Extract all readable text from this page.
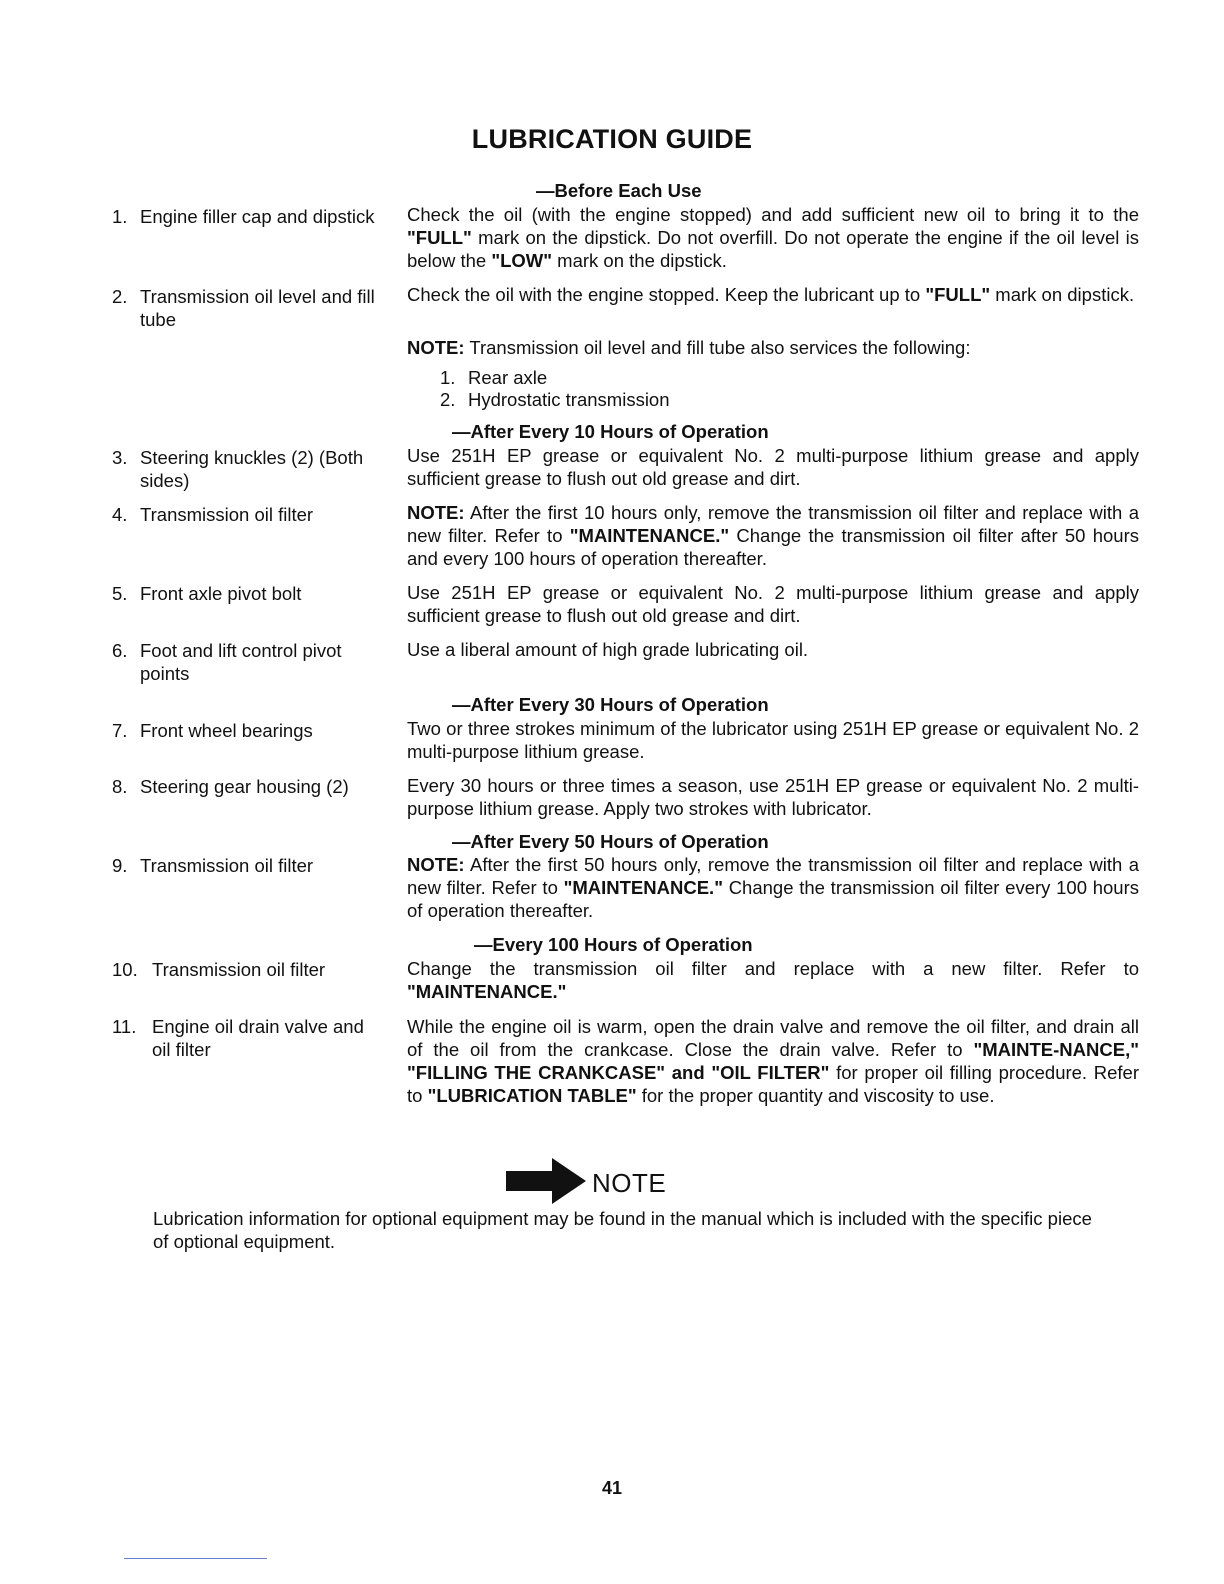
LUBRICATION GUIDE
—Before Each Use
—After Every 10 Hours of Operation
—After Every 30 Hours of Operation
—After Every 50 Hours of Operation
—Every 100 Hours of Operation
1. Engine filler cap and dipstick
2. Transmission oil level and fill tube
3. Steering knuckles (2) (Both sides)
4. Transmission oil filter
5. Front axle pivot bolt
6. Foot and lift control pivot points
7. Front wheel bearings
8. Steering gear housing (2)
9. Transmission oil filter
10. Transmission oil filter
11. Engine oil drain valve and oil filter
Check the oil (with the engine stopped) and add sufficient new oil to bring it to the "FULL" mark on the dipstick. Do not overfill. Do not operate the engine if the oil level is below the "LOW" mark on the dipstick.
Check the oil with the engine stopped. Keep the lubricant up to "FULL" mark on dipstick.
NOTE: Transmission oil level and fill tube also services the following:
1. Rear axle
2. Hydrostatic transmission
Use 251H EP grease or equivalent No. 2 multi-purpose lithium grease and apply sufficient grease to flush out old grease and dirt.
NOTE: After the first 10 hours only, remove the transmission oil filter and replace with a new filter. Refer to "MAINTENANCE." Change the transmission oil filter after 50 hours and every 100 hours of operation thereafter.
Use 251H EP grease or equivalent No. 2 multi-purpose lithium grease and apply sufficient grease to flush out old grease and dirt.
Use a liberal amount of high grade lubricating oil.
Two or three strokes minimum of the lubricator using 251H EP grease or equivalent No. 2 multi-purpose lithium grease.
Every 30 hours or three times a season, use 251H EP grease or equivalent No. 2 multi-purpose lithium grease. Apply two strokes with lubricator.
NOTE: After the first 50 hours only, remove the transmission oil filter and replace with a new filter. Refer to "MAINTENANCE." Change the transmission oil filter every 100 hours of operation thereafter.
Change the transmission oil filter and replace with a new filter. Refer to "MAINTENANCE."
While the engine oil is warm, open the drain valve and remove the oil filter, and drain all of the oil from the crankcase. Close the drain valve. Refer to "MAINTE-NANCE," "FILLING THE CRANKCASE" and "OIL FILTER" for proper oil filling procedure. Refer to "LUBRICATION TABLE" for the proper quantity and viscosity to use.
NOTE
Lubrication information for optional equipment may be found in the manual which is included with the specific piece of optional equipment.
41
